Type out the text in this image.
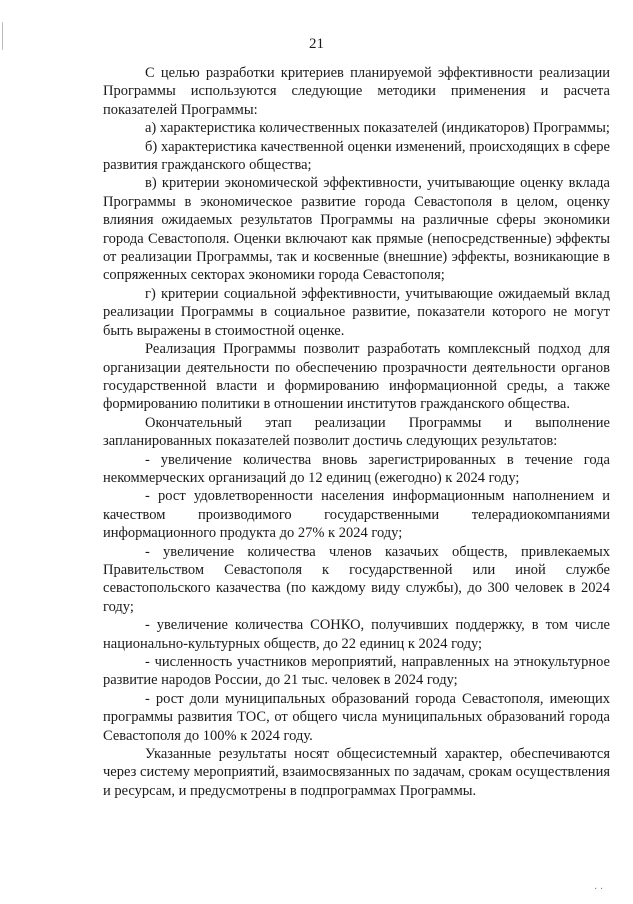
21

С целью разработки критериев планируемой эффективности реализации Программы используются следующие методики применения и расчета показателей Программы:

а) характеристика количественных показателей (индикаторов) Программы;

б) характеристика качественной оценки изменений, происходящих в сфере развития гражданского общества;

в) критерии экономической эффективности, учитывающие оценку вклада Программы в экономическое развитие города Севастополя в целом, оценку влияния ожидаемых результатов Программы на различные сферы экономики города Севастополя. Оценки включают как прямые (непосредственные) эффекты от реализации Программы, так и косвенные (внешние) эффекты, возникающие в сопряженных секторах экономики города Севастополя;

г) критерии социальной эффективности, учитывающие ожидаемый вклад реализации Программы в социальное развитие, показатели которого не могут быть выражены в стоимостной оценке.

Реализация Программы позволит разработать комплексный подход для организации деятельности по обеспечению прозрачности деятельности органов государственной власти и формированию информационной среды, а также формированию политики в отношении институтов гражданского общества.

Окончательный этап реализации Программы и выполнение запланированных показателей позволит достичь следующих результатов:

- увеличение количества вновь зарегистрированных в течение года некоммерческих организаций до 12 единиц (ежегодно) к 2024 году;

- рост удовлетворенности населения информационным наполнением и качеством производимого государственными телерадиокомпаниями информационного продукта до 27% к 2024 году;

- увеличение количества членов казачьих обществ, привлекаемых Правительством Севастополя к государственной или иной службе севастопольского казачества (по каждому виду службы), до 300 человек в 2024 году;

- увеличение количества СОНКО, получивших поддержку, в том числе национально-культурных обществ, до 22 единиц к 2024 году;

- численность участников мероприятий, направленных на этнокультурное развитие народов России, до 21 тыс. человек в 2024 году;

- рост доли муниципальных образований города Севастополя, имеющих программы развития ТОС, от общего числа муниципальных образований города Севастополя до 100% к 2024 году.

Указанные результаты носят общесистемный характер, обеспечиваются через систему мероприятий, взаимосвязанных по задачам, срокам осуществления и ресурсам, и предусмотрены в подпрограммах Программы.

· ·
